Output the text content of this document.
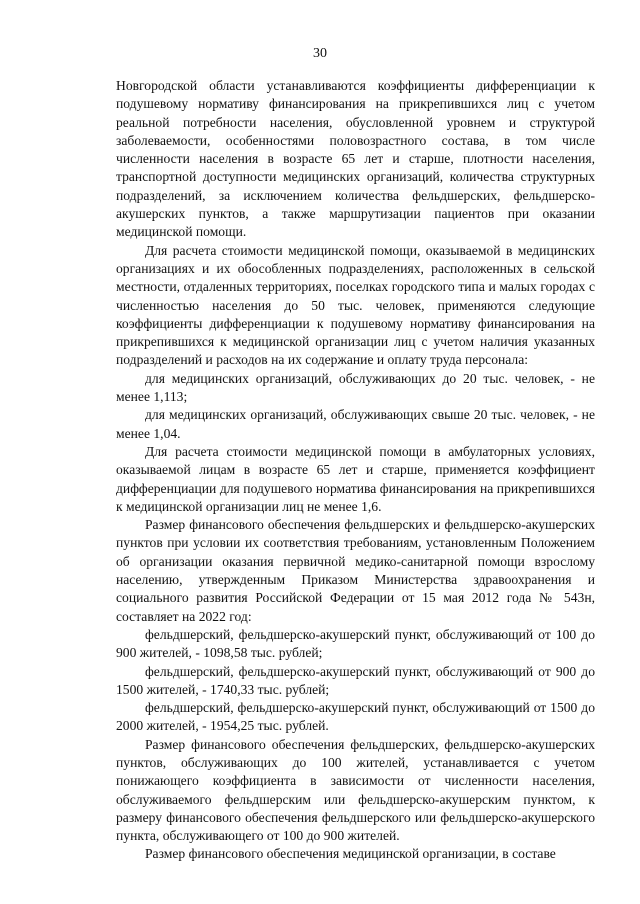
30

Новгородской области устанавливаются коэффициенты дифференциации к подушевому нормативу финансирования на прикрепившихся лиц с учетом реальной потребности населения, обусловленной уровнем и структурой заболеваемости, особенностями половозрастного состава, в том числе численности населения в возрасте 65 лет и старше, плотности населения, транспортной доступности медицинских организаций, количества структурных подразделений, за исключением количества фельдшерских, фельдшерско-акушерских пунктов, а также маршрутизации пациентов при оказании медицинской помощи.

Для расчета стоимости медицинской помощи, оказываемой в медицинских организациях и их обособленных подразделениях, расположенных в сельской местности, отдаленных территориях, поселках городского типа и малых городах с численностью населения до 50 тыс. человек, применяются следующие коэффициенты дифференциации к подушевому нормативу финансирования на прикрепившихся к медицинской организации лиц с учетом наличия указанных подразделений и расходов на их содержание и оплату труда персонала:

для медицинских организаций, обслуживающих до 20 тыс. человек, - не менее 1,113;

для медицинских организаций, обслуживающих свыше 20 тыс. человек, - не менее 1,04.

Для расчета стоимости медицинской помощи в амбулаторных условиях, оказываемой лицам в возрасте 65 лет и старше, применяется коэффициент дифференциации для подушевого норматива финансирования на прикрепившихся к медицинской организации лиц не менее 1,6.

Размер финансового обеспечения фельдшерских и фельдшерско-акушерских пунктов при условии их соответствия требованиям, установленным Положением об организации оказания первичной медико-санитарной помощи взрослому населению, утвержденным Приказом Министерства здравоохранения и социального развития Российской Федерации от 15 мая 2012 года № 543н, составляет на 2022 год:

фельдшерский, фельдшерско-акушерский пункт, обслуживающий от 100 до 900 жителей, - 1098,58 тыс. рублей;

фельдшерский, фельдшерско-акушерский пункт, обслуживающий от 900 до 1500 жителей, - 1740,33 тыс. рублей;

фельдшерский, фельдшерско-акушерский пункт, обслуживающий от 1500 до 2000 жителей, - 1954,25 тыс. рублей.

Размер финансового обеспечения фельдшерских, фельдшерско-акушерских пунктов, обслуживающих до 100 жителей, устанавливается с учетом понижающего коэффициента в зависимости от численности населения, обслуживаемого фельдшерским или фельдшерско-акушерским пунктом, к размеру финансового обеспечения фельдшерского или фельдшерско-акушерского пункта, обслуживающего от 100 до 900 жителей.

Размер финансового обеспечения медицинской организации, в составе
